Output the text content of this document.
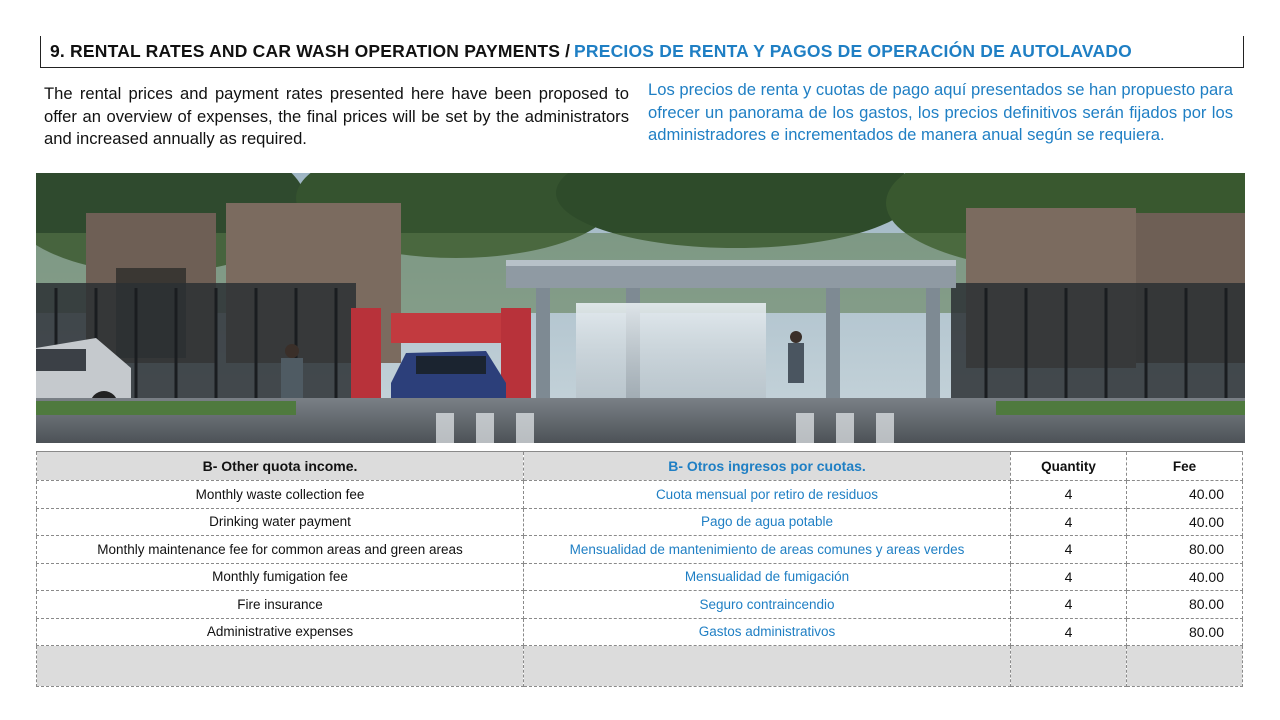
9. RENTAL RATES AND CAR WASH OPERATION PAYMENTS / PRECIOS DE RENTA Y PAGOS DE OPERACIÓN DE AUTOLAVADO

The rental prices and payment rates presented here have been proposed to offer an overview of expenses, the final prices will be set by the administrators and increased annually as required.

Los precios de renta y cuotas de pago aquí presentados se han propuesto para ofrecer un panorama de los gastos, los precios definitivos serán fijados por los administradores e incrementados de manera anual según se requiera.

B- Other quota income.	B- Otros ingresos por cuotas.	Quantity	Fee
Monthly waste collection fee	Cuota mensual por retiro de residuos	4	40.00
Drinking water payment	Pago de agua potable	4	40.00
Monthly maintenance fee for common areas and green areas	Mensualidad de mantenimiento de areas comunes y areas verdes	4	80.00
Monthly fumigation fee	Mensualidad de fumigación	4	40.00
Fire insurance	Seguro contraincendio	4	80.00
Administrative expenses	Gastos administrativos	4	80.00
